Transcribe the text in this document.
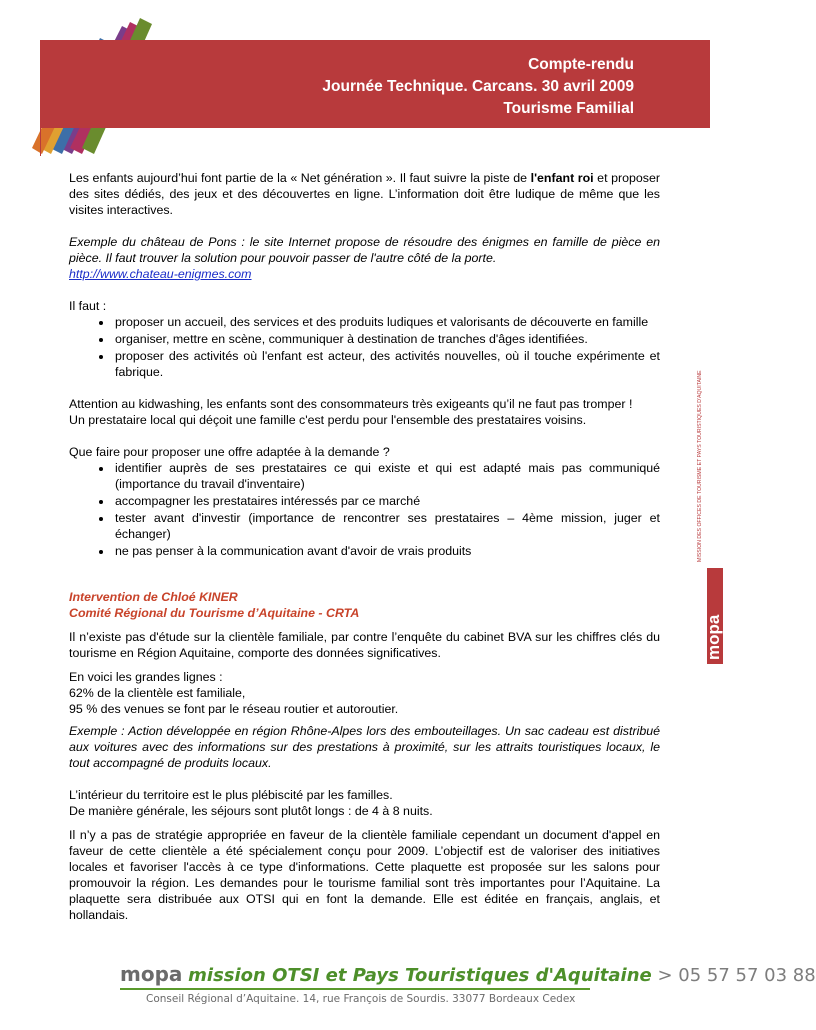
Compte-rendu
Journée Technique. Carcans. 30 avril 2009
Tourisme Familial

Les enfants aujourd’hui font partie de la « Net génération ». Il faut suivre la piste de l'enfant roi et proposer des sites dédiés, des jeux et des découvertes en ligne. L’information doit être ludique de même que les visites interactives.

Exemple du château de Pons : le site Internet propose de résoudre des énigmes en famille de pièce en pièce. Il faut trouver la solution pour pouvoir passer de l'autre côté de la porte.
http://www.chateau-enigmes.com

Il faut :

• proposer un accueil, des services et des produits ludiques et valorisants de découverte en famille
• organiser, mettre en scène, communiquer à destination de tranches d'âges identifiées.
• proposer des activités où l'enfant est acteur, des activités nouvelles, où il touche expérimente et fabrique.

Attention au kidwashing, les enfants sont des consommateurs très exigeants qu’il ne faut pas tromper !
Un prestataire local qui déçoit une famille c'est perdu pour l'ensemble des prestataires voisins.

Que faire pour proposer une offre adaptée à la demande ?

• identifier auprès de ses prestataires ce qui existe et qui est adapté mais pas communiqué (importance du travail d'inventaire)
• accompagner les prestataires intéressés par ce marché
• tester avant d'investir (importance de rencontrer ses prestataires – 4ème mission, juger et échanger)
• ne pas penser à la communication avant d'avoir de vrais produits
Intervention de Chloé KINER
Comité Régional du Tourisme d’Aquitaine - CRTA

Il n’existe pas d'étude sur la clientèle familiale, par contre l’enquête du cabinet BVA sur les chiffres clés du tourisme en Région Aquitaine, comporte des données significatives.

En voici les grandes lignes :
62% de la clientèle est familiale,
95 % des venues se font par le réseau routier et autoroutier.

Exemple : Action développée en région Rhône-Alpes lors des embouteillages. Un sac cadeau est distribué aux voitures avec des informations sur des prestations à proximité, sur les attraits touristiques locaux, le tout accompagné de produits locaux.

L’intérieur du territoire est le plus plébiscité par les familles.
De manière générale, les séjours sont plutôt longs : de 4 à 8 nuits.

Il n’y a pas de stratégie appropriée en faveur de la clientèle familiale cependant un document d'appel en faveur de cette clientèle a été spécialement conçu pour 2009. L’objectif est de valoriser des initiatives locales et favoriser l'accès à ce type d'informations. Cette plaquette est proposée sur les salons pour promouvoir la région. Les demandes pour le tourisme familial sont très importantes pour l’Aquitaine. La plaquette sera distribuée aux OTSI qui en font la demande. Elle est éditée en français, anglais, et hollandais.

mopa
MISSION DES OFFICES DE TOURISME ET PAYS TOURISTIQUES D'AQUITAINE
mopa mission OTSI et Pays Touristiques d'Aquitaine > 05 57 57 03 88
Conseil Régional d’Aquitaine. 14, rue François de Sourdis. 33077 Bordeaux Cedex
